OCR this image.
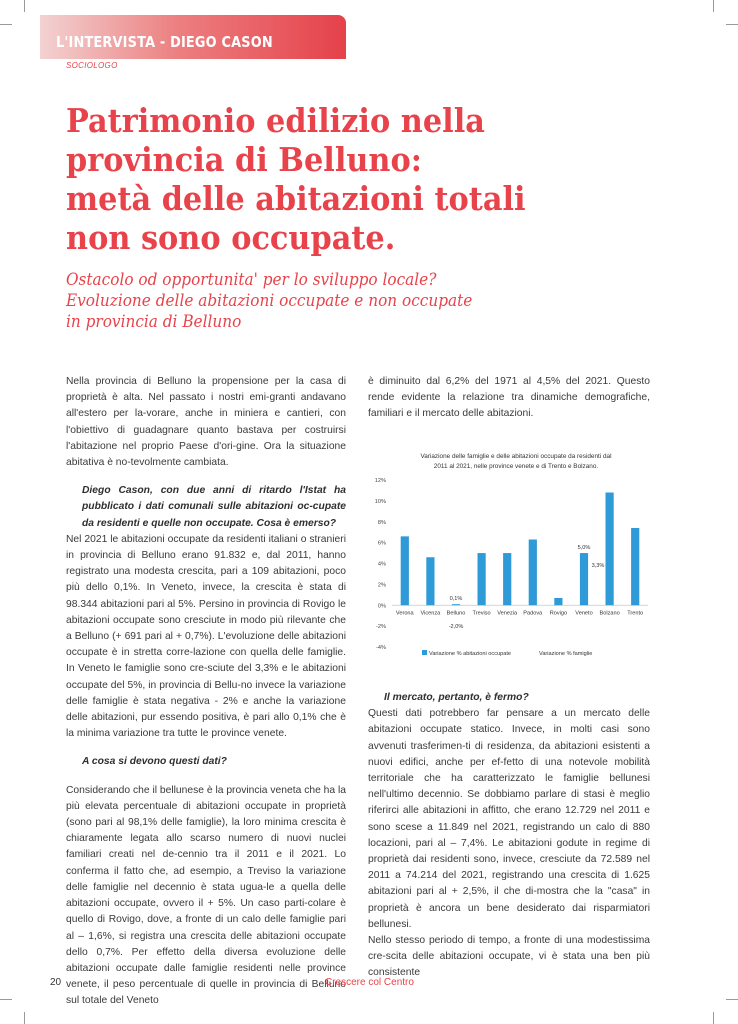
L'INTERVISTA - DIEGO CASON
SOCIOLOGO
Patrimonio edilizio nella
provincia di Belluno:
metà delle abitazioni totali
non sono occupate.
Ostacolo od opportunita' per lo sviluppo locale?
Evoluzione delle abitazioni occupate e non occupate
in provincia di Belluno

Nella provincia di Belluno la propensione per la casa di proprietà è alta. Nel passato i nostri emi-granti andavano all'estero per la-vorare, anche in miniera e cantieri, con l'obiettivo di guadagnare quanto bastava per costruirsi l'abitazione nel proprio Paese d'ori-gine. Ora la situazione abitativa è no-tevolmente cambiata.

Diego Cason, con due anni di ritardo l'Istat ha pubblicato i dati comunali sulle abitazioni oc-cupate da residenti e quelle non occupate. Cosa è emerso?

Nel 2021 le abitazioni occupate da residenti italiani o stranieri in provincia di Belluno erano 91.832 e, dal 2011, hanno registrato una modesta crescita, pari a 109 abitazioni, poco più dello 0,1%. In Veneto, invece, la crescita è stata di 98.344 abitazioni pari al 5%. Persino in provincia di Rovigo le abitazioni occupate sono cresciute in modo più rilevante che a Belluno (+ 691 pari al + 0,7%). L'evoluzione delle abitazioni occupate è in stretta corre-lazione con quella delle famiglie. In Veneto le famiglie sono cre-sciute del 3,3% e le abitazioni occupate del 5%, in provincia di Bellu-no invece la variazione delle famiglie è stata negativa - 2% e anche la variazione delle abitazioni, pur essendo positiva, è pari allo 0,1% che è la minima variazione tra tutte le province venete.

A cosa si devono questi dati?

Considerando che il bellunese è la provincia veneta che ha la più elevata percentuale di abitazioni occupate in proprietà (sono pari al 98,1% delle famiglie), la loro minima crescita è chiaramente legata allo scarso numero di nuovi nuclei familiari creati nel de-cennio tra il 2011 e il 2021. Lo conferma il fatto che, ad esempio, a Treviso la variazione delle famiglie nel decennio è stata ugua-le a quella delle abitazioni occupate, ovvero il + 5%. Un caso parti-colare è quello di Rovigo, dove, a fronte di un calo delle famiglie pari al – 1,6%, si registra una crescita delle abitazioni occupate dello 0,7%. Per effetto della diversa evoluzione delle abitazioni occupate dalle famiglie residenti nelle province venete, il peso percentuale di quelle in provincia di Belluno sul totale del Veneto

è diminuito dal 6,2% del 1971 al 4,5% del 2021. Questo rende evidente la relazione tra dinamiche demografiche, familiari e il mercato delle abitazioni.

Variazione delle famiglie e delle abitazioni occupate da residenti dal
2011 al 2021, nelle province venete e di Trento e Bolzano.
12%
10%
8%
6%
4%
2%
0%
-2%
-4%
Verona Vicenza Belluno Treviso Venezia Padova Rovigo Veneto Bolzano Trento
0,1%
-2,0%
5,0%
3,3%
Variazione % abitazioni occupate	Variazione % famiglie

Il mercato, pertanto, è fermo?

Questi dati potrebbero far pensare a un mercato delle abitazioni occupate statico. Invece, in molti casi sono avvenuti trasferimen-ti di residenza, da abitazioni esistenti a nuovi edifici, anche per ef-fetto di una notevole mobilità territoriale che ha caratterizzato le famiglie bellunesi nell'ultimo decennio. Se dobbiamo parlare di stasi è meglio riferirci alle abitazioni in affitto, che erano 12.729 nel 2011 e sono scese a 11.849 nel 2021, registrando un calo di 880 locazioni, pari al – 7,4%. Le abitazioni godute in regime di proprietà dai residenti sono, invece, cresciute da 72.589 nel 2011 a 74.214 del 2021, registrando una crescita di 1.625 abitazioni pari al + 2,5%, il che di-mostra che la "casa" in proprietà è ancora un bene desiderato dai risparmiatori bellunesi.

Nello stesso periodo di tempo, a fronte di una modestissima cre-scita delle abitazioni occupate, vi è stata una ben più consistente

20	Crescere col Centro
